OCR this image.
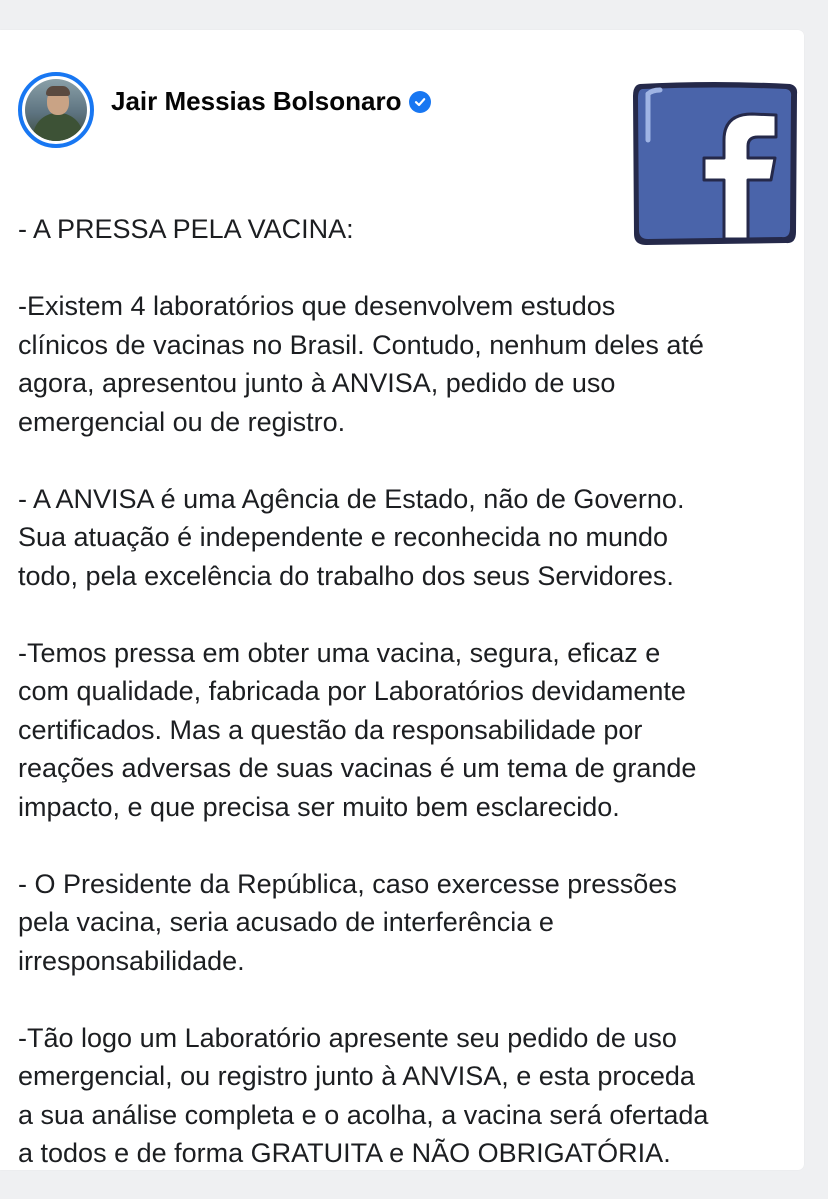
Jair Messias Bolsonaro
- A PRESSA PELA VACINA:
-Existem 4 laboratórios que desenvolvem estudos
clínicos de vacinas no Brasil. Contudo, nenhum deles até
agora, apresentou junto à ANVISA, pedido de uso
emergencial ou de registro.
- A ANVISA é uma Agência de Estado, não de Governo.
Sua atuação é independente e reconhecida no mundo
todo, pela excelência do trabalho dos seus Servidores.
-Temos pressa em obter uma vacina, segura, eficaz e
com qualidade, fabricada por Laboratórios devidamente
certificados. Mas a questão da responsabilidade por
reações adversas de suas vacinas é um tema de grande
impacto, e que precisa ser muito bem esclarecido.
- O Presidente da República, caso exercesse pressões
pela vacina, seria acusado de interferência e
irresponsabilidade.
-Tão logo um Laboratório apresente seu pedido de uso
emergencial, ou registro junto à ANVISA, e esta proceda
a sua análise completa e o acolha, a vacina será ofertada
a todos e de forma GRATUITA e NÃO OBRIGATÓRIA.
